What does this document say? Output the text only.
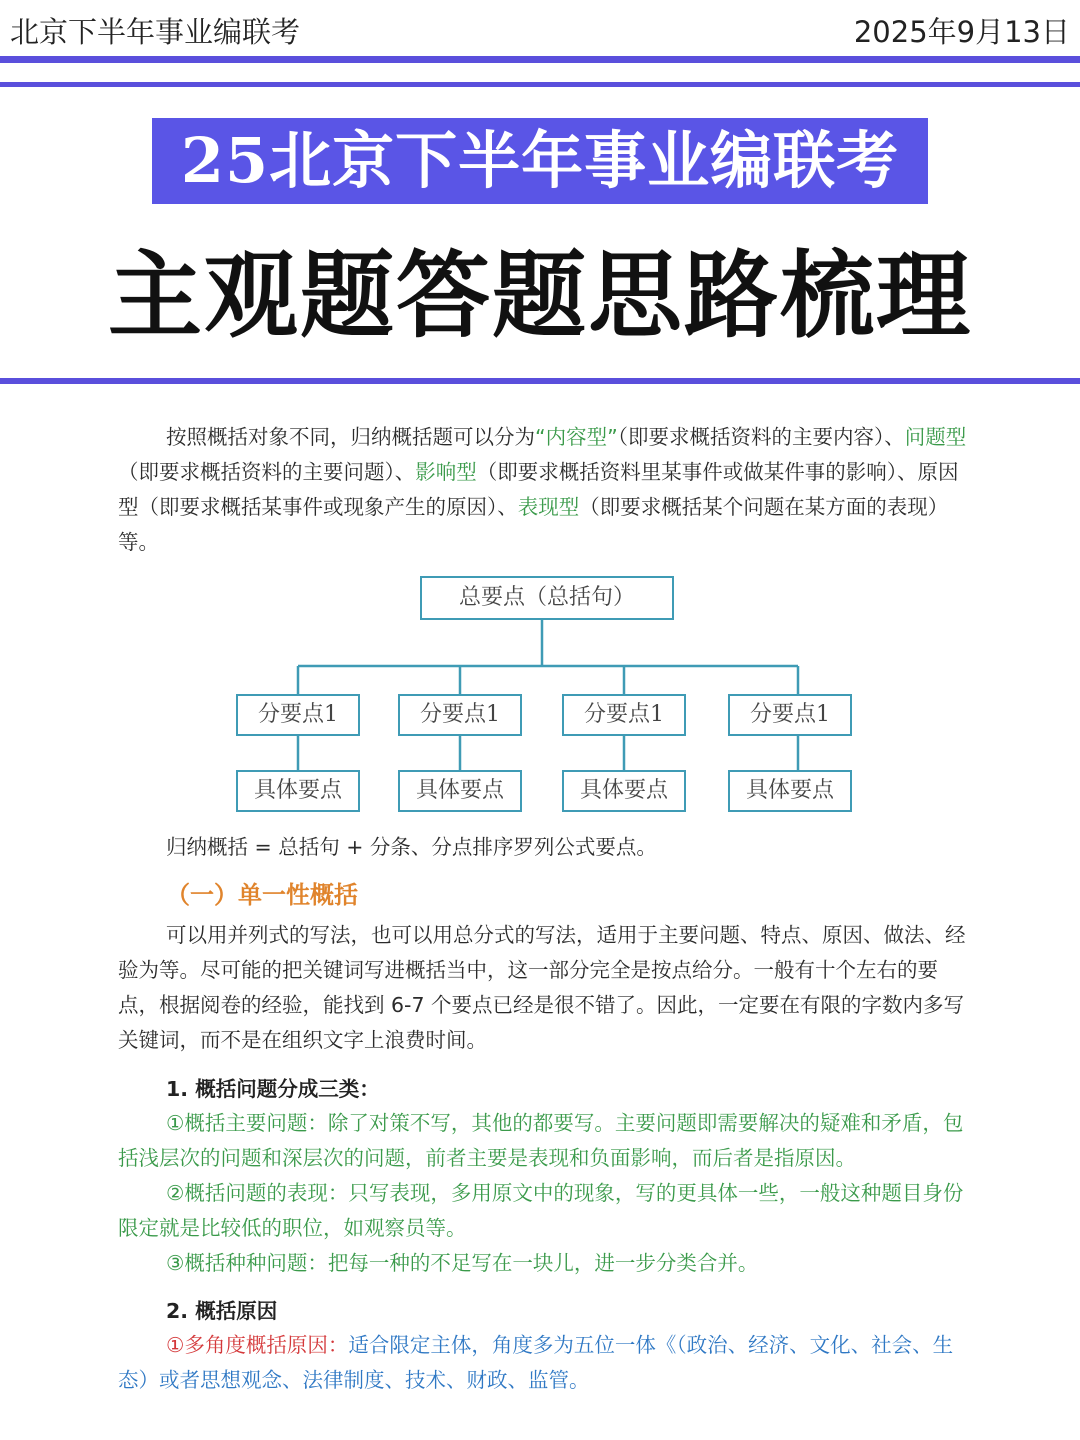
北京下半年事业编联考	2025年9月13日
25北京下半年事业编联考
主观题答题思路梳理

按照概括对象不同，归纳概括题可以分为“内容型”（即要求概括资料的主要内容）、问题型（即要求概括资料的主要问题）、影响型（即要求概括资料里某事件或做某件事的影响）、原因型（即要求概括某事件或现象产生的原因）、表现型（即要求概括某个问题在某方面的表现）等。

总要点（总括句）
分要点1	分要点1	分要点1	分要点1
具体要点	具体要点	具体要点	具体要点
归纳概括 = 总括句 + 分条、分点排序罗列公式要点。
（一）单一性概括

可以用并列式的写法，也可以用总分式的写法，适用于主要问题、特点、原因、做法、经验为等。尽可能的把关键词写进概括当中，这一部分完全是按点给分。一般有十个左右的要点，根据阅卷的经验，能找到 6-7 个要点已经是很不错了。因此，一定要在有限的字数内多写关键词，而不是在组织文字上浪费时间。

1. 概括问题分成三类：

①概括主要问题：除了对策不写，其他的都要写。主要问题即需要解决的疑难和矛盾，包括浅层次的问题和深层次的问题，前者主要是表现和负面影响，而后者是指原因。

②概括问题的表现：只写表现，多用原文中的现象，写的更具体一些，一般这种题目身份限定就是比较低的职位，如观察员等。

③概括种种问题：把每一种的不足写在一块儿，进一步分类合并。

2. 概括原因

①多角度概括原因：适合限定主体，角度多为五位一体《（政治、经济、文化、社会、生态）或者思想观念、法律制度、技术、财政、监管。
